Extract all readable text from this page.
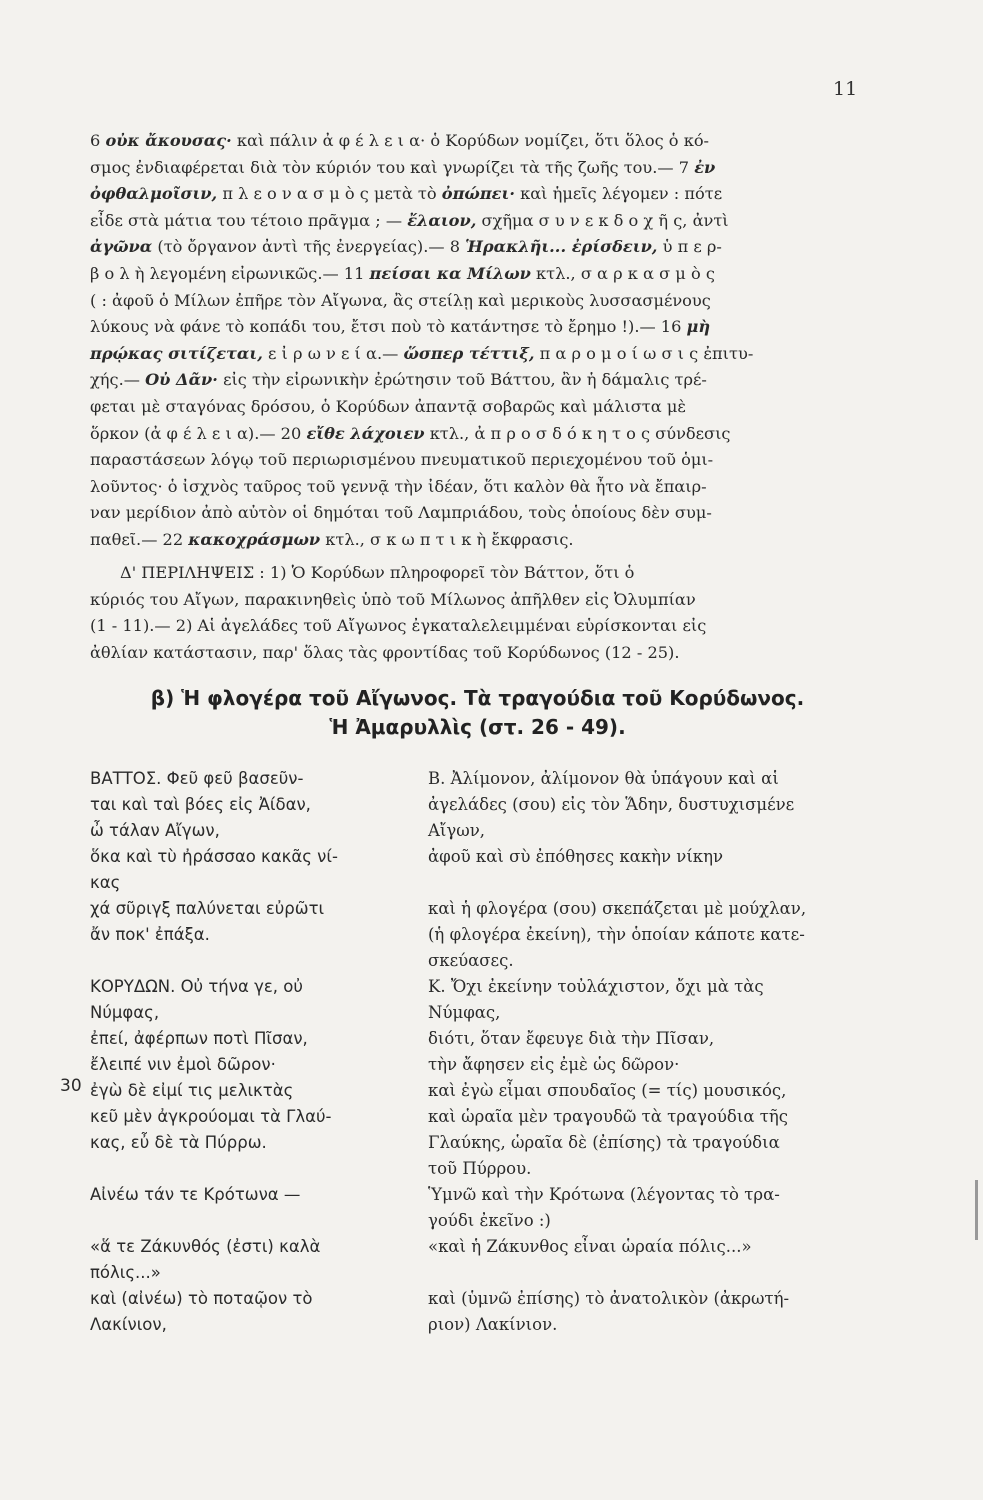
11
6 οὐκ ἄκουσας· καὶ πάλιν ἀ φ έ λ ε ι α· ὁ Κορύδων νομίζει, ὅτι ὅλος ὁ κό-
σμος ἐνδιαφέρεται διὰ τὸν κύριόν του καὶ γνωρίζει τὰ τῆς ζωῆς του.— 7 ἐν
ὀφθαλμοῖσιν, π λ ε ο ν α σ μ ὸ ς μετὰ τὸ ὀπώπει· καὶ ἡμεῖς λέγομεν : πότε
εἶδε στὰ μάτια του τέτοιο πρᾶγμα ; — ἔλαιον, σχῆμα σ υ ν ε κ δ ο χ ῆ ς, ἀντὶ
ἀγῶνα (τὸ ὄργανον ἀντὶ τῆς ἐνεργείας).— 8 Ἡρακλῆι... ἐρίσδειν, ὑ π ε ρ-
β ο λ ὴ λεγομένη εἰρωνικῶς.— 11 πείσαι κα Μίλων κτλ., σ α ρ κ α σ μ ὸ ς
( : ἀφοῦ ὁ Μίλων ἐπῆρε τὸν Αἴγωνα, ἂς στείλῃ καὶ μερικοὺς λυσσασμένους
λύκους νὰ φάνε τὸ κοπάδι του, ἔτσι ποὺ τὸ κατάντησε τὸ ἔρημο !).— 16 μὴ
πρῴκας σιτίζεται, ε ἰ ρ ω ν ε ί α.— ὥσπερ τέττιξ, π α ρ ο μ ο ί ω σ ι ς ἐπιτυ-
χής.— Οὐ Δᾶν· εἰς τὴν εἰρωνικὴν ἐρώτησιν τοῦ Βάττου, ἂν ἡ δάμαλις τρέ-
φεται μὲ σταγόνας δρόσου, ὁ Κορύδων ἀπαντᾷ σοβαρῶς καὶ μάλιστα μὲ
ὅρκον (ἀ φ έ λ ε ι α).— 20 εἴθε λάχοιεν κτλ., ἀ π ρ ο σ δ ό κ η τ ο ς σύνδεσις
παραστάσεων λόγῳ τοῦ περιωρισμένου πνευματικοῦ περιεχομένου τοῦ ὁμι-
λοῦντος· ὁ ἰσχνὸς ταῦρος τοῦ γεννᾷ τὴν ἰδέαν, ὅτι καλὸν θὰ ἦτο νὰ ἔπαιρ-
ναν μερίδιον ἀπὸ αὐτὸν οἱ δημόται τοῦ Λαμπριάδου, τοὺς ὁποίους δὲν συμ-
παθεῖ.— 22 κακοχράσμων κτλ., σ κ ω π τ ι κ ὴ ἔκφρασις.

Δ' ΠΕΡΙΛΗΨΕΙΣ : 1) Ὁ Κορύδων πληροφορεῖ τὸν Βάττον, ὅτι ὁ

κύριός του Αἴγων, παρακινηθεὶς ὑπὸ τοῦ Μίλωνος ἀπῆλθεν εἰς Ὀλυμπίαν

(1 - 11).— 2) Αἱ ἀγελάδες τοῦ Αἴγωνος ἐγκαταλελειμμέναι εὑρίσκονται εἰς

ἀθλίαν κατάστασιν, παρ' ὅλας τὰς φροντίδας τοῦ Κορύδωνος (12 - 25).

β) Ἡ φλογέρα τοῦ Αἴγωνος. Τὰ τραγούδια τοῦ Κορύδωνος.
Ἡ Ἀμαρυλλὶς (στ. 26 - 49).
30

ΒΑΤΤΟΣ. Φεῦ φεῦ βασεῦν-

ται καὶ ταὶ βόες εἰς Ἀίδαν,

ὦ τάλαν Αἴγων,

ὅκα καὶ τὺ ἠράσσαο κακᾶς νί-

κας

χά σῦριγξ παλύνεται εὐρῶτι

ἄν ποκ' ἐπάξα.

ΚΟΡΥΔΩΝ. Οὐ τήνα γε, οὐ

Νύμφας,

ἐπεί, ἀφέρπων ποτὶ Πῖσαν,

ἔλειπέ νιν ἐμοὶ δῶρον·

ἐγὼ δὲ εἰμί τις μελικτὰς

κεῦ μὲν ἀγκρούομαι τὰ Γλαύ-

κας, εὖ δὲ τὰ Πύρρω.

Αἰνέω τάν τε Κρότωνα —

«ἅ τε Ζάκυνθός (ἐστι) καλὰ

πόλις...»

καὶ (αἰνέω) τὸ ποταῷον τὸ

Λακίνιον,

Β. Ἀλίμονον, ἀλίμονον θὰ ὑπάγουν καὶ αἱ

ἀγελάδες (σου) εἰς τὸν Ἅδην, δυστυχισμένε

Αἴγων,

ἀφοῦ καὶ σὺ ἐπόθησες κακὴν νίκην

καὶ ἡ φλογέρα (σου) σκεπάζεται μὲ μούχλαν,

(ἡ φλογέρα ἐκείνη), τὴν ὁποίαν κάποτε κατε-

σκεύασες.

Κ. Ὄχι ἐκείνην τοὐλάχιστον, ὄχι μὰ τὰς

Νύμφας,

διότι, ὅταν ἔφευγε διὰ τὴν Πῖσαν,

τὴν ἄφησεν εἰς ἐμὲ ὡς δῶρον·

καὶ ἐγὼ εἶμαι σπουδαῖος (= τίς) μουσικός,

καὶ ὡραῖα μὲν τραγουδῶ τὰ τραγούδια τῆς

Γλαύκης, ὡραῖα δὲ (ἐπίσης) τὰ τραγούδια

τοῦ Πύρρου.

Ὑμνῶ καὶ τὴν Κρότωνα (λέγοντας τὸ τρα-

γούδι ἐκεῖνο :)

«καὶ ἡ Ζάκυνθος εἶναι ὡραία πόλις...»

καὶ (ὑμνῶ ἐπίσης) τὸ ἀνατολικὸν (ἀκρωτή-

ριον) Λακίνιον.
